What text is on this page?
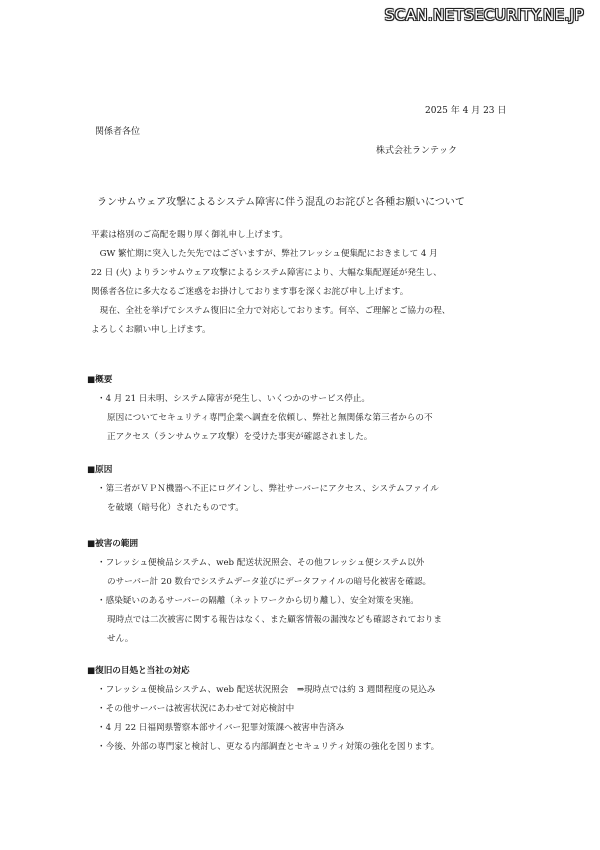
SCAN.NETSECURITY.NE.JP
2025 年 4 月 23 日
関係者各位
株式会社ランテック
ランサムウェア攻撃によるシステム障害に伴う混乱のお詫びと各種お願いについて
平素は格別のご高配を賜り厚く御礼申し上げます。
　GW 繁忙期に突入した矢先ではございますが、弊社フレッシュ便集配におきまして 4 月
22 日 (火) よりランサムウェア攻撃によるシステム障害により、大幅な集配遅延が発生し、
関係者各位に多大なるご迷惑をお掛けしております事を深くお詫び申し上げます。
　現在、全社を挙げてシステム復旧に全力で対応しております。何卒、ご理解とご協力の程、
よろしくお願い申し上げます。
■概要
・4 月 21 日未明、システム障害が発生し、いくつかのサービス停止。
原因についてセキュリティ専門企業へ調査を依頼し、弊社と無関係な第三者からの不
正アクセス（ランサムウェア攻撃）を受けた事実が確認されました。
■原因
・第三者がＶＰＮ機器へ不正にログインし、弊社サーバーにアクセス、システムファイル
を破壊（暗号化）されたものです。
■被害の範囲
・フレッシュ便検品システム、web 配送状況照会、その他フレッシュ便システム以外
のサーバー計 20 数台でシステムデータ並びにデータファイルの暗号化被害を確認。
・感染疑いのあるサーバーの隔離（ネットワークから切り離し）、安全対策を実施。
現時点では二次被害に関する報告はなく、また顧客情報の漏洩なども確認されておりま
せん。
■復旧の目処と当社の対応
・フレッシュ便検品システム、web 配送状況照会　⇒現時点では約 3 週間程度の見込み
・その他サーバーは被害状況にあわせて対応検討中
・4 月 22 日福岡県警察本部サイバー犯罪対策課へ被害申告済み
・今後、外部の専門家と検討し、更なる内部調査とセキュリティ対策の強化を図ります。
